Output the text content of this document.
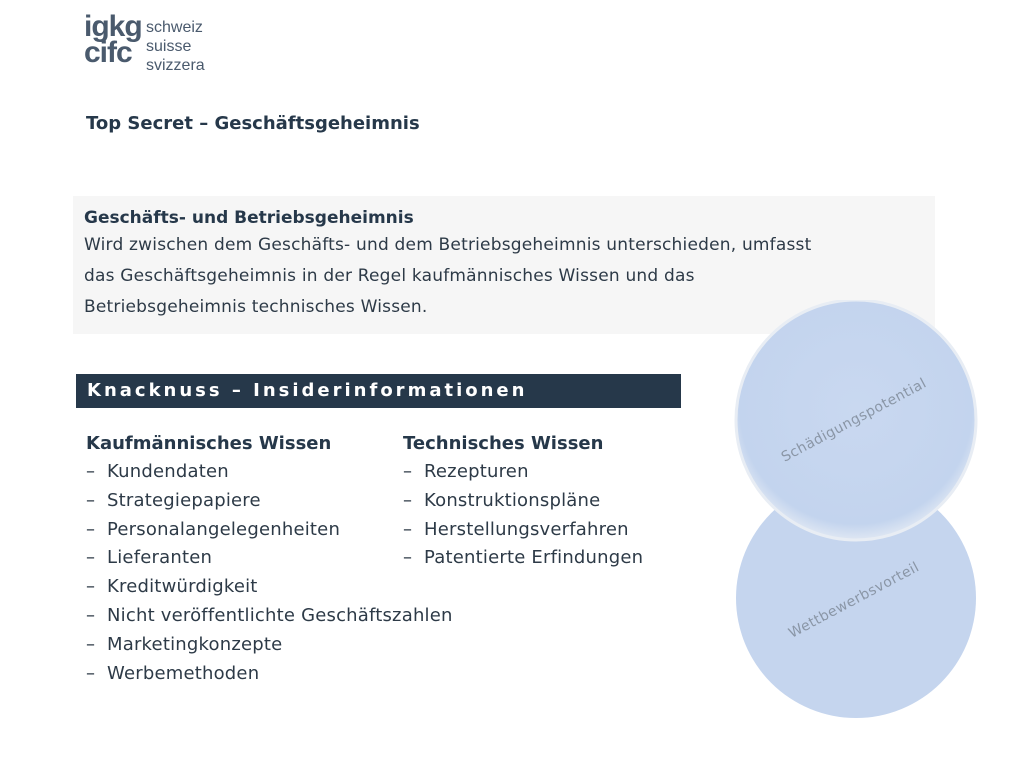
igkg
cifc
schweiz
suisse
svizzera
Top Secret – Geschäftsgeheimnis
Geschäfts- und Betriebsgeheimnis
Wird zwischen dem Geschäfts- und dem Betriebsgeheimnis unterschieden, umfasst
das Geschäftsgeheimnis in der Regel kaufmännisches Wissen und das
Betriebsgeheimnis technisches Wissen.
Schädigungspotential
Wettbewerbsvorteil
Knacknuss – Insiderinformationen
Kaufmännisches Wissen
– Kundendaten
– Strategiepapiere
– Personalangelegenheiten
– Lieferanten
– Kreditwürdigkeit
– Nicht veröffentlichte Geschäftszahlen
– Marketingkonzepte
– Werbemethoden
Technisches Wissen
– Rezepturen
– Konstruktionspläne
– Herstellungsverfahren
– Patentierte Erfindungen
